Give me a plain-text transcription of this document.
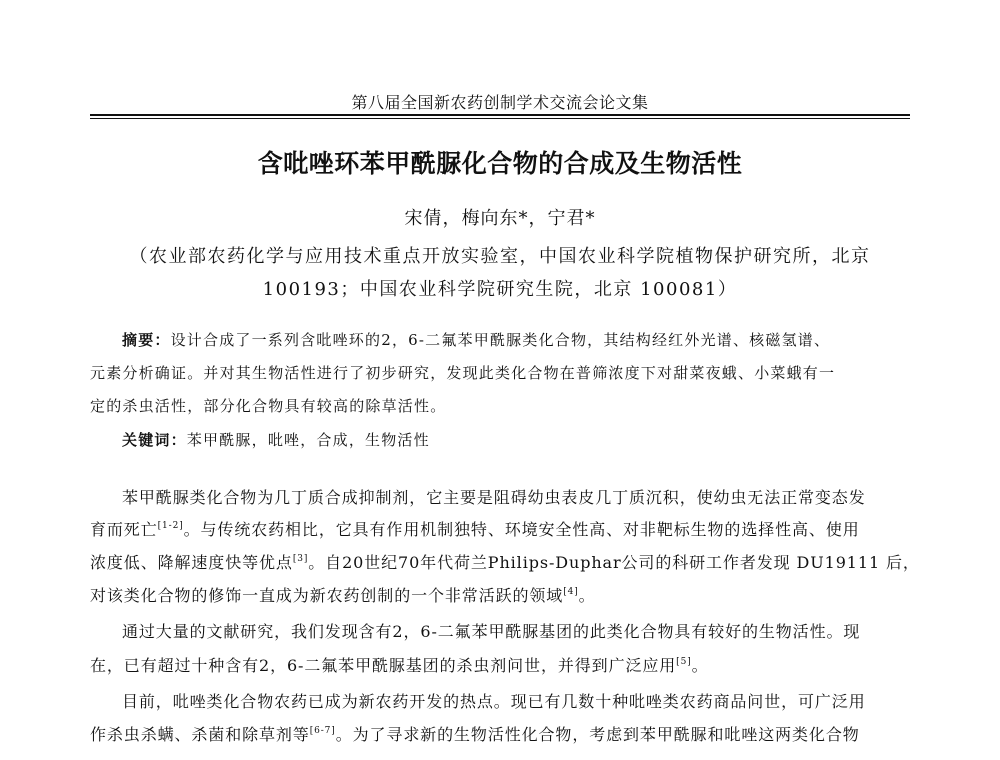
第八届全国新农药创制学术交流会论文集
含吡唑环苯甲酰脲化合物的合成及生物活性
宋倩，梅向东*，宁君*
（农业部农药化学与应用技术重点开放实验室，中国农业科学院植物保护研究所，北京
100193；中国农业科学院研究生院，北京 100081）
摘要：设计合成了一系列含吡唑环的2，6-二氟苯甲酰脲类化合物，其结构经红外光谱、核磁氢谱、
元素分析确证。并对其生物活性进行了初步研究，发现此类化合物在普筛浓度下对甜菜夜蛾、小菜蛾有一
定的杀虫活性，部分化合物具有较高的除草活性。
关键词：苯甲酰脲，吡唑，合成，生物活性
苯甲酰脲类化合物为几丁质合成抑制剂，它主要是阻碍幼虫表皮几丁质沉积，使幼虫无法正常变态发
育而死亡[1-2]。与传统农药相比，它具有作用机制独特、环境安全性高、对非靶标生物的选择性高、使用
浓度低、降解速度快等优点[3]。自20世纪70年代荷兰Philips-Duphar公司的科研工作者发现 DU19111 后，
对该类化合物的修饰一直成为新农药创制的一个非常活跃的领域[4]。
通过大量的文献研究，我们发现含有2，6-二氟苯甲酰脲基团的此类化合物具有较好的生物活性。现
在，已有超过十种含有2，6-二氟苯甲酰脲基团的杀虫剂问世，并得到广泛应用[5]。
目前，吡唑类化合物农药已成为新农药开发的热点。现已有几数十种吡唑类农药商品问世，可广泛用
作杀虫杀螨、杀菌和除草剂等[6-7]。为了寻求新的生物活性化合物，考虑到苯甲酰脲和吡唑这两类化合物
